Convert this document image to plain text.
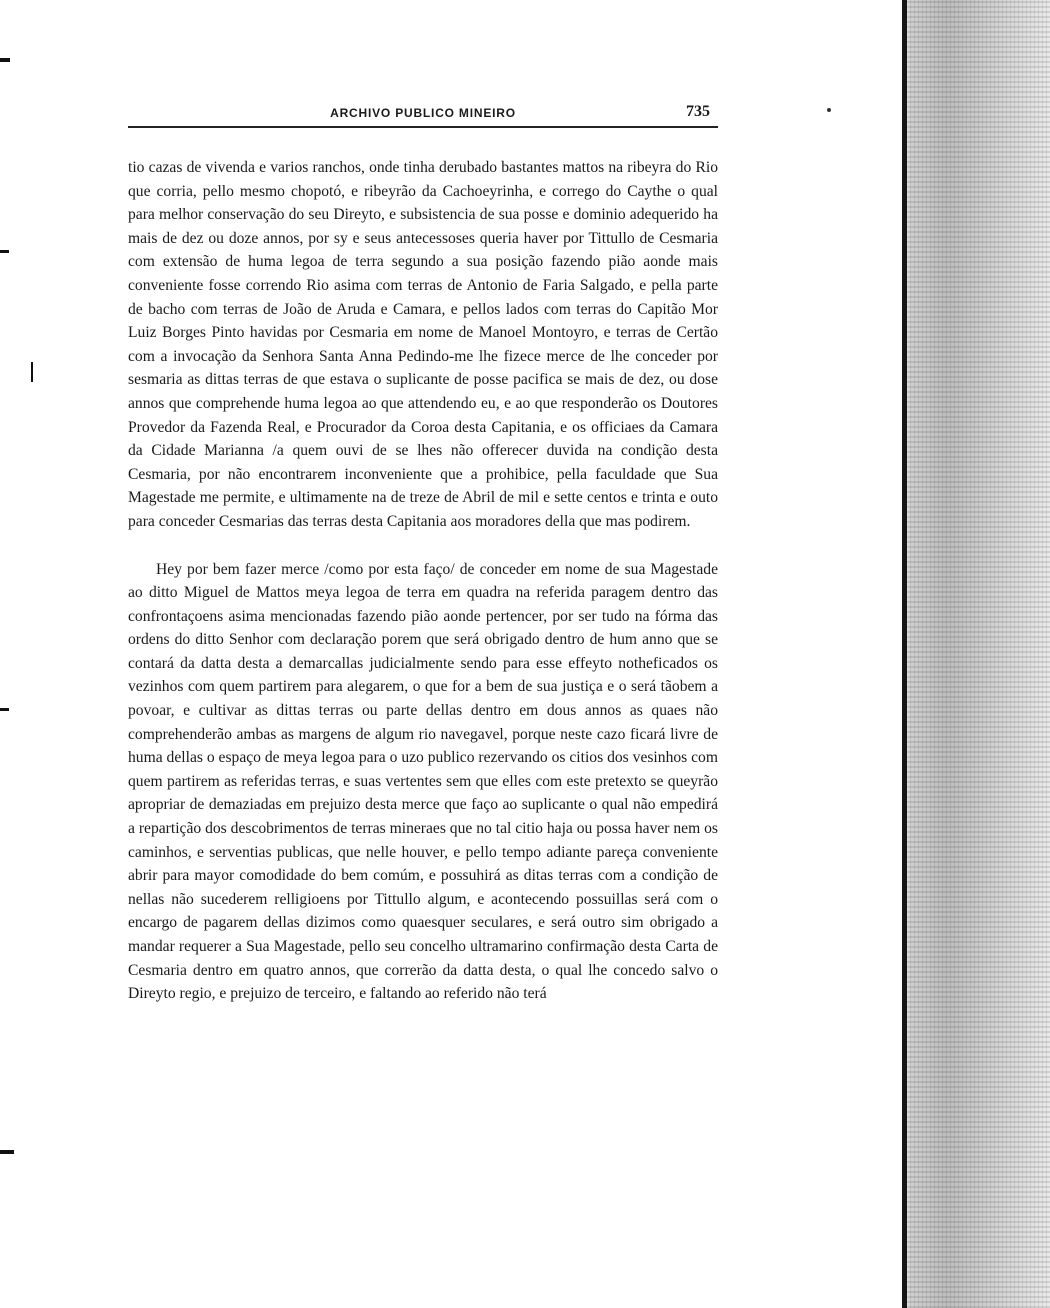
ARCHIVO PUBLICO MINEIRO	735

tio cazas de vivenda e varios ranchos, onde tinha derubado bastantes mattos na ribeyra do Rio que corria, pello mesmo chopotó, e ribeyrão da Cachoeyrinha, e corrego do Caythe o qual para melhor conservação do seu Direyto, e subsistencia de sua posse e dominio adequerido ha mais de dez ou doze annos, por sy e seus antecessoses queria haver por Tittullo de Cesmaria com extensão de huma legoa de terra segundo a sua posição fazendo pião aonde mais conveniente fosse correndo Rio asima com terras de Antonio de Faria Salgado, e pella parte de bacho com terras de João de Aruda e Camara, e pellos lados com terras do Capitão Mor Luiz Borges Pinto havidas por Cesmaria em nome de Manoel Montoyro, e terras de Certão com a invocação da Senhora Santa Anna Pedindo-me lhe fizece merce de lhe conceder por sesmaria as dittas terras de que estava o suplicante de posse pacifica se mais de dez, ou dose annos que comprehende huma legoa ao que attendendo eu, e ao que responderão os Doutores Provedor da Fazenda Real, e Procurador da Coroa desta Capitania, e os officiaes da Camara da Cidade Marianna /a quem ouvi de se lhes não offerecer duvida na condição desta Cesmaria, por não encontrarem inconveniente que a prohibice, pella faculdade que Sua Magestade me permite, e ultimamente na de treze de Abril de mil e sette centos e trinta e outo para conceder Cesmarias das terras desta Capitania aos moradores della que mas podirem.

Hey por bem fazer merce /como por esta faço/ de conceder em nome de sua Magestade ao ditto Miguel de Mattos meya legoa de terra em quadra na referida paragem dentro das confrontaçoens asima mencionadas fazendo pião aonde pertencer, por ser tudo na fórma das ordens do ditto Senhor com declaração porem que será obrigado dentro de hum anno que se contará da datta desta a demarcallas judicialmente sendo para esse effeyto notheficados os vezinhos com quem partirem para alegarem, o que for a bem de sua justiça e o será tãobem a povoar, e cultivar as dittas terras ou parte dellas dentro em dous annos as quaes não comprehenderão ambas as margens de algum rio navegavel, porque neste cazo ficará livre de huma dellas o espaço de meya legoa para o uzo publico rezervando os citios dos vesinhos com quem partirem as referidas terras, e suas vertentes sem que elles com este pretexto se queyrão apropriar de demaziadas em prejuizo desta merce que faço ao suplicante o qual não empedirá a repartição dos descobrimentos de terras mineraes que no tal citio haja ou possa haver nem os caminhos, e serventias publicas, que nelle houver, e pello tempo adiante pareça conveniente abrir para mayor comodidade do bem comúm, e possuhirá as ditas terras com a condição de nellas não sucederem relligioens por Tittullo algum, e acontecendo possuillas será com o encargo de pagarem dellas dizimos como quaesquer seculares, e será outro sim obrigado a mandar requerer a Sua Magestade, pello seu concelho ultramarino confirmação desta Carta de Cesmaria dentro em quatro annos, que correrão da datta desta, o qual lhe concedo salvo o Direyto regio, e prejuizo de terceiro, e faltando ao referido não terá
